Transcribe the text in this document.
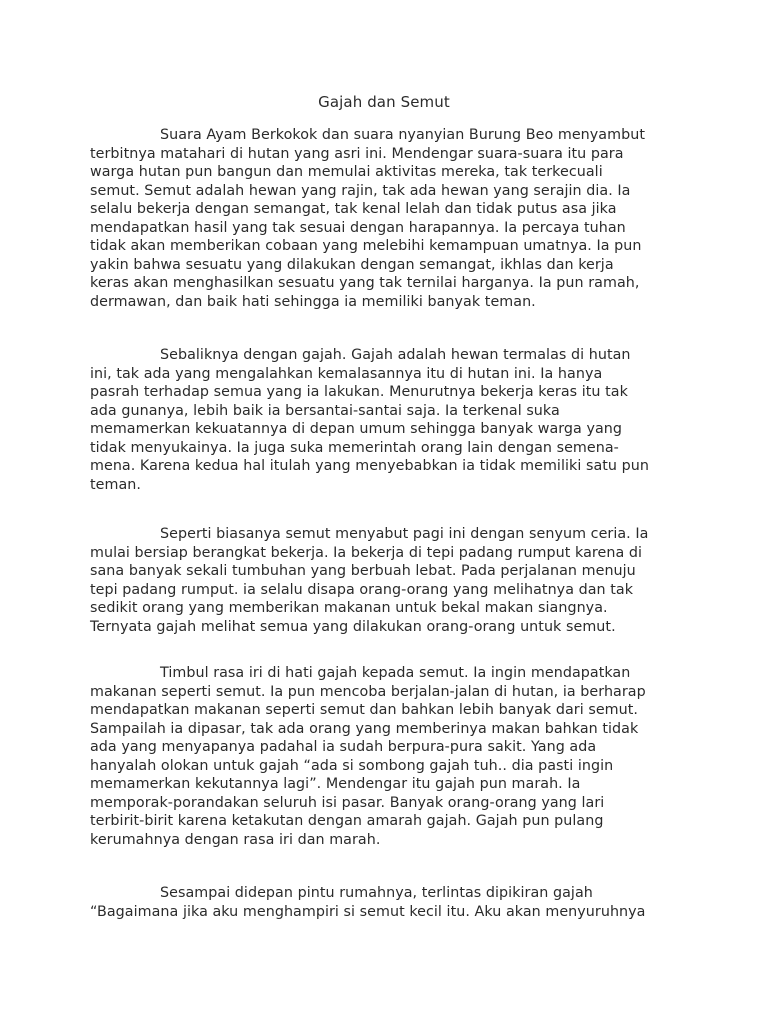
Gajah dan Semut
Suara Ayam Berkokok dan suara nyanyian Burung Beo menyambut
terbitnya matahari di hutan yang asri ini. Mendengar suara-suara itu para
warga hutan pun bangun dan memulai aktivitas mereka, tak terkecuali
semut. Semut adalah hewan yang rajin, tak ada hewan yang serajin dia. Ia
selalu bekerja dengan semangat, tak kenal lelah dan tidak putus asa jika
mendapatkan hasil yang tak sesuai dengan harapannya. Ia percaya tuhan
tidak akan memberikan cobaan yang melebihi kemampuan umatnya. Ia pun
yakin bahwa sesuatu yang dilakukan dengan semangat, ikhlas dan kerja
keras akan menghasilkan sesuatu yang tak ternilai harganya. Ia pun ramah,
dermawan, dan baik hati sehingga ia memiliki banyak teman.
Sebaliknya dengan gajah. Gajah adalah hewan termalas di hutan
ini, tak ada yang mengalahkan kemalasannya itu di hutan ini. Ia hanya
pasrah terhadap semua yang ia lakukan. Menurutnya bekerja keras itu tak
ada gunanya, lebih baik ia bersantai-santai saja. Ia terkenal suka
memamerkan kekuatannya di depan umum sehingga banyak warga yang
tidak menyukainya. Ia juga suka memerintah orang lain dengan semena-
mena. Karena kedua hal itulah yang menyebabkan ia tidak memiliki satu pun
teman.
Seperti biasanya semut menyabut pagi ini dengan senyum ceria. Ia
mulai bersiap berangkat bekerja. Ia bekerja di tepi padang rumput karena di
sana banyak sekali tumbuhan yang berbuah lebat. Pada perjalanan menuju
tepi padang rumput. ia selalu disapa orang-orang yang melihatnya dan tak
sedikit orang yang memberikan makanan untuk bekal makan siangnya.
Ternyata gajah melihat semua yang dilakukan orang-orang untuk semut.
Timbul rasa iri di hati gajah kepada semut. Ia ingin mendapatkan
makanan seperti semut. Ia pun mencoba berjalan-jalan di hutan, ia berharap
mendapatkan makanan seperti semut dan bahkan lebih banyak dari semut.
Sampailah ia dipasar, tak ada orang yang memberinya makan bahkan tidak
ada yang menyapanya padahal ia sudah berpura-pura sakit. Yang ada
hanyalah olokan untuk gajah “ada si sombong gajah tuh.. dia pasti ingin
memamerkan kekutannya lagi”. Mendengar itu gajah pun marah. Ia
memporak-porandakan seluruh isi pasar. Banyak orang-orang yang lari
terbirit-birit karena ketakutan dengan amarah gajah. Gajah pun pulang
kerumahnya dengan rasa iri dan marah.
Sesampai didepan pintu rumahnya, terlintas dipikiran gajah
“Bagaimana jika aku menghampiri si semut kecil itu. Aku akan menyuruhnya
